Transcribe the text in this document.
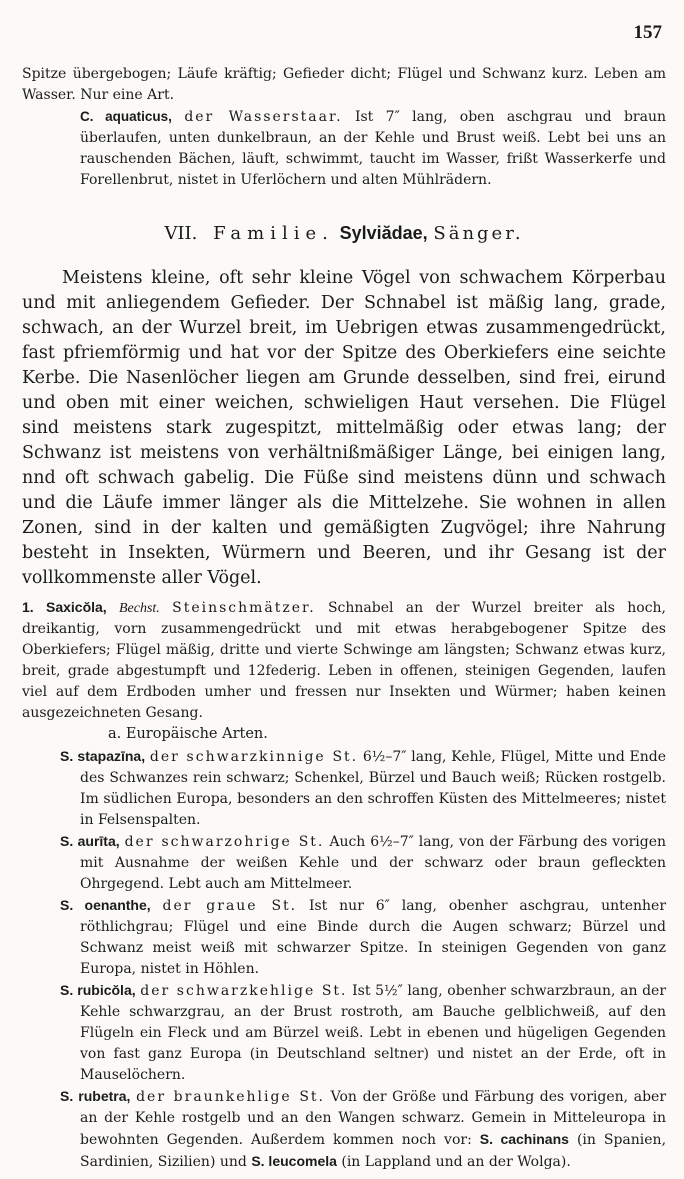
157

Spitze übergebogen; Läufe kräftig; Gefieder dicht; Flügel und Schwanz kurz. Leben am Wasser. Nur eine Art.

C. aquaticus, der Wasserstaar. Ist 7″ lang, oben aschgrau und braun überlaufen, unten dunkelbraun, an der Kehle und Brust weiß. Lebt bei uns an rauschenden Bächen, läuft, schwimmt, taucht im Wasser, frißt Wasserkerfe und Forellenbrut, nistet in Uferlöchern und alten Mühlrädern.

VII. Familie. Sylviădae, Sänger.

Meistens kleine, oft sehr kleine Vögel von schwachem Körperbau und mit anliegendem Gefieder. Der Schnabel ist mäßig lang, grade, schwach, an der Wurzel breit, im Uebrigen etwas zusammengedrückt, fast pfriemförmig und hat vor der Spitze des Oberkiefers eine seichte Kerbe. Die Nasenlöcher liegen am Grunde desselben, sind frei, eirund und oben mit einer weichen, schwieligen Haut versehen. Die Flügel sind meistens stark zugespitzt, mittelmäßig oder etwas lang; der Schwanz ist meistens von verhältnißmäßiger Länge, bei einigen lang, nnd oft schwach gabelig. Die Füße sind meistens dünn und schwach und die Läufe immer länger als die Mittelzehe. Sie wohnen in allen Zonen, sind in der kalten und gemäßigten Zugvögel; ihre Nahrung besteht in Insekten, Würmern und Beeren, und ihr Gesang ist der vollkommenste aller Vögel.

1. Saxicŏla, Bechst. Steinschmätzer. Schnabel an der Wurzel breiter als hoch, dreikantig, vorn zusammengedrückt und mit etwas herabgebogener Spitze des Oberkiefers; Flügel mäßig, dritte und vierte Schwinge am längsten; Schwanz etwas kurz, breit, grade abgestumpft und 12federig. Leben in offenen, steinigen Gegenden, laufen viel auf dem Erdboden umher und fressen nur Insekten und Würmer; haben keinen ausgezeichneten Gesang.

a. Europäische Arten.

S. stapazīna, der schwarzkinnige St. 6½–7″ lang, Kehle, Flügel, Mitte und Ende des Schwanzes rein schwarz; Schenkel, Bürzel und Bauch weiß; Rücken rostgelb. Im südlichen Europa, besonders an den schroffen Küsten des Mittelmeeres; nistet in Felsenspalten.

S. aurīta, der schwarzohrige St. Auch 6½–7″ lang, von der Färbung des vorigen mit Ausnahme der weißen Kehle und der schwarz oder braun gefleckten Ohrgegend. Lebt auch am Mittelmeer.

S. oenanthe, der graue St. Ist nur 6″ lang, obenher aschgrau, untenher röthlichgrau; Flügel und eine Binde durch die Augen schwarz; Bürzel und Schwanz meist weiß mit schwarzer Spitze. In steinigen Gegenden von ganz Europa, nistet in Höhlen.

S. rubicŏla, der schwarzkehlige St. Ist 5½″ lang, obenher schwarzbraun, an der Kehle schwarzgrau, an der Brust rostroth, am Bauche gelblichweiß, auf den Flügeln ein Fleck und am Bürzel weiß. Lebt in ebenen und hügeligen Gegenden von fast ganz Europa (in Deutschland seltner) und nistet an der Erde, oft in Mauselöchern.

S. rubetra, der braunkehlige St. Von der Größe und Färbung des vorigen, aber an der Kehle rostgelb und an den Wangen schwarz. Gemein in Mitteleuropa in bewohnten Gegenden. Außerdem kommen noch vor: S. cachinans (in Spanien, Sardinien, Sizilien) und S. leucomela (in Lappland und an der Wolga).
